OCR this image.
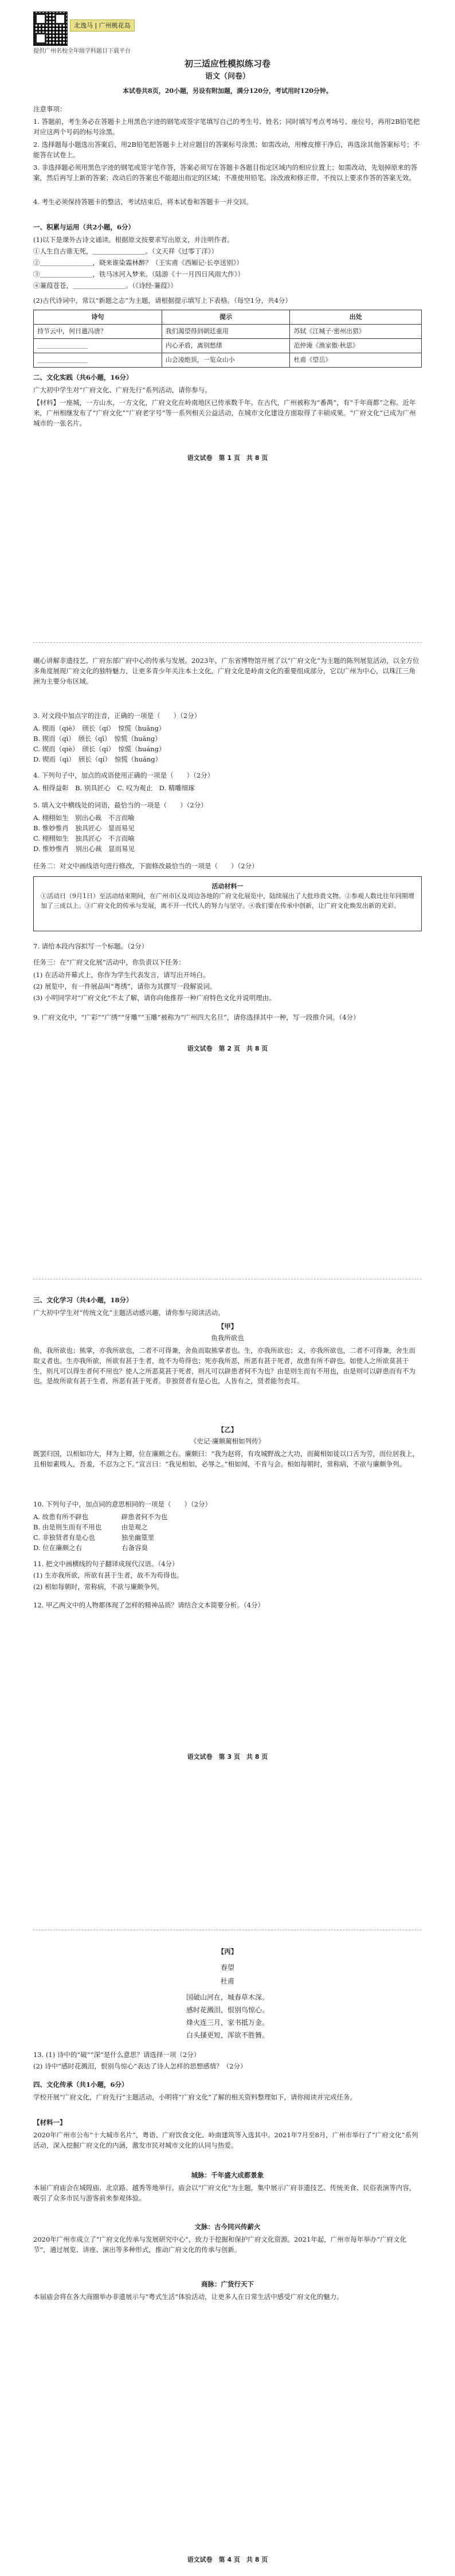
北逸马 | 广州桃花岛
提供广州名校全年级学科题目下载平台
初三适应性模拟练习卷
语文（问卷）
本试卷共8页，20小题，另设有附加题，满分120分，考试用时120分钟。
注意事项：
1. 答题前，考生务必在答题卡上用黑色字迹的钢笔或签字笔填写自己的考生号、姓名；同时填写考点考场号、座位号，再用2B铅笔把对应这两个号码的标号涂黑。
2. 选择题每小题选出答案后，用2B铅笔把答题卡上对应题目的答案标号涂黑；如需改动，用橡皮擦干净后，再选涂其他答案标号；不能答在试卷上。
3. 非选择题必须用黑色字迹的钢笔或签字笔作答，答案必须写在答题卡各题目指定区域内的相应位置上；如需改动，先划掉原来的答案，然后再写上新的答案；改动后的答案也不能超出指定的区域；不准使用铅笔、涂改液和修正带。不按以上要求作答的答案无效。
4. 考生必须保持答题卡的整洁，考试结束后，将本试卷和答题卡一并交回。
一、积累与运用（共2小题，6分）
(1)以下是课外古诗文诵读。根据原文按要求写出原文，并注明作者。
①人生自古谁无死，＿＿＿＿＿＿＿＿。（文天祥《过零丁洋》）
②＿＿＿＿＿＿＿＿，晓来谁染霜林醉？（王实甫《西厢记·长亭送别》）
③＿＿＿＿＿＿＿＿，铁马冰河入梦来。（陆游《十一月四日风雨大作》）
④蒹葭苍苍，＿＿＿＿＿＿＿＿。（《诗经·蒹葭》）
(2)古代诗词中，常以“新题之志”为主题，请根据提示填写上下表格。（每空1分，共4分）
诗句	提示	出处
持节云中，何日遣冯唐？	我们渴望得到朝廷重用	苏轼《江城子·密州出猎》
＿＿＿＿＿＿＿＿	内心矛盾，离别愁绪	范仲淹《渔家傲·秋思》
＿＿＿＿＿＿＿＿	山会凌绝顶，一览众山小	杜甫《望岳》
二、文化实践（共6小题，16分）
广大初中学生对“广府文化、广府先行”系列活动，请你参与。
【材料】一座城，一方山水，一方文化，广府文化在岭南地区已传承数千年。在古代，广州被称为“番禺”，有“千年商都”之称。近年来，广州相继发布了“广府文化”“广府老字号”等一系列相关公益活动，在城市文化建设方面取得了丰硕成果。“广府文化”已成为广州城市的一张名片。
语文试卷　第 1 页　共 8 页
碾心讲解非遗技艺，广府东部广府中心的传承与发展。2023年，广东省博物馆开展了以“广府文化”为主题的陈列展览活动，以全方位多角度展现广府文化的独特魅力，让更多青少年关注本土文化。广府文化是岭南文化的重要组成部分，它以广州为中心，以珠江三角洲为主要分布区域。
3. 对文段中加点字的注音，正确的一项是（　　）（2分）
A. 锲而（qiè）　颀长（qí）　惊慌（huāng）
B. 锲而（qì）　颀长（qī）　惊慌（huāng）
C. 锲而（qiè）　颀长（qí）　惊慌（huáng）
D. 锲而（qì）　颀长（qí）　惊慌（huáng）
4. 下列句子中，加点的成语使用正确的一项是（　　）（2分）
A. 相得益彰　B. 别具匠心　C. 叹为观止　D. 精雕细琢
5. 填入文中横线处的词语，最恰当的一项是（　　）（2分）
A. 栩栩如生　别出心裁　不言而喻
B. 惟妙惟肖　独具匠心　显而易见
C. 栩栩如生　独具匠心　不言而喻
D. 惟妙惟肖　别出心裁　显而易见
任务二：对文中画线语句进行修改，下面修改最恰当的一项是（　　）（2分）
活动材料一
①活动日（9月1日）至活动结束期间，在广州市区及周边各地的广府文化展览中，陆续展出了大批珍贵文物。②参观人数比往年同期增加了三成以上。③广府文化的传承与发展，离不开一代代人的努力与坚守。④我们要在传承中创新，让广府文化焕发出新的光彩。
7. 请给本段内容拟写一个标题。（2分）
任务三：在“广府文化展”活动中，你负责以下任务：
(1) 在活动开幕式上，你作为学生代表发言，请写出开场白。
(2) 展览中，有一件展品叫“粤绣”，请你为其撰写一段解说词。
(3) 小明同学对“广府文化”不太了解，请你向他推荐一种广府特色文化并说明理由。
9. 广府文化中，“广彩”“广绣”“牙雕”“玉雕”被称为“广州四大名旦”，请你选择其中一种，写一段推介词。（4分）
语文试卷　第 2 页　共 8 页
三、文化学习（共4小题，18分）
广大初中学生对“传统文化”主题活动感兴趣，请你参与阅读活动。
【甲】
鱼我所欲也
鱼，我所欲也；熊掌，亦我所欲也，二者不可得兼，舍鱼而取熊掌者也。生，亦我所欲也；义，亦我所欲也，二者不可得兼，舍生而取义者也。生亦我所欲，所欲有甚于生者，故不为苟得也；死亦我所恶，所恶有甚于死者，故患有所不辟也。如使人之所欲莫甚于生，则凡可以得生者何不用也？使人之所恶莫甚于死者，则凡可以辟患者何不为也？由是则生而有不用也，由是则可以辟患而有不为也。是故所欲有甚于生者，所恶有甚于死者。非独贤者有是心也，人皆有之，贤者能勿丧耳。
【乙】
《史记·廉颇蔺相如列传》
既罢归国，以相如功大，拜为上卿，位在廉颇之右。廉颇曰：“我为赵将，有攻城野战之大功，而蔺相如徒以口舌为劳，而位居我上，且相如素贱人，吾羞，不忍为之下。”宣言曰：“我见相如，必辱之。”相如闻，不肯与会。相如每朝时，常称病，不欲与廉颇争列。
10. 下列句子中，加点词的意思相同的一项是（　　）（2分）
A. 故患有所不辟也　　　　　辟患者何不为也
B. 由是则生而有不用也　　　由是观之
C. 非独贤者有是心也　　　　独坐幽篁里
D. 位在廉颇之右　　　　　　右备容臭
11. 把文中画横线的句子翻译成现代汉语。（4分）
(1) 生亦我所欲，所欲有甚于生者，故不为苟得也。
(2) 相如每朝时，常称病，不欲与廉颇争列。
12. 甲乙两文中的人物都体现了怎样的精神品质？请结合文本简要分析。（4分）
语文试卷　第 3 页　共 8 页
【丙】
春望
杜甫
国破山河在，城春草木深。
感时花溅泪，恨别鸟惊心。
烽火连三月，家书抵万金。
白头搔更短，浑欲不胜簪。
13. (1) 诗中的“破”“深”是什么意思？请选择一项（2分）
(2) 诗中“感时花溅泪，恨别鸟惊心”表达了诗人怎样的思想感情？（2分）
四、文化传承（共1小题，6分）
学校开展“广府文化，广府先行”主题活动，小明将“广府文化”了解的相关资料整理如下，请你阅读并完成任务。
【材料一】
2020年广州市公布“十大城市名片”，粤语、广府饮食文化、岭南建筑等入选其中。2021年7月至8月，广州市举行了“广府文化”系列活动，深入挖掘广府文化的内涵，激发市民对城市文化的认同与热爱。
城脉：千年盛大成都景象
本届广府庙会在城隍庙、北京路、越秀等地举行。庙会以“广府文化”为主题，集中展示广府非遗技艺、传统美食、民俗表演等内容，吸引了众多市民与游客前来参观体验。
文脉：古今同兴传薪火
2020年广州市成立了“广府文化传承与发展研究中心”，致力于挖掘和保护广府文化资源。2021年起，广州市每年举办“广府文化节”，通过展览、讲座、演出等多种形式，推动广府文化的传承与创新。
商脉：广货行天下
本届庙会将在各大商圈举办非遗展示与“粤式生活”体验活动，让更多人在日常生活中感受广府文化的魅力。
语文试卷　第 4 页　共 8 页
